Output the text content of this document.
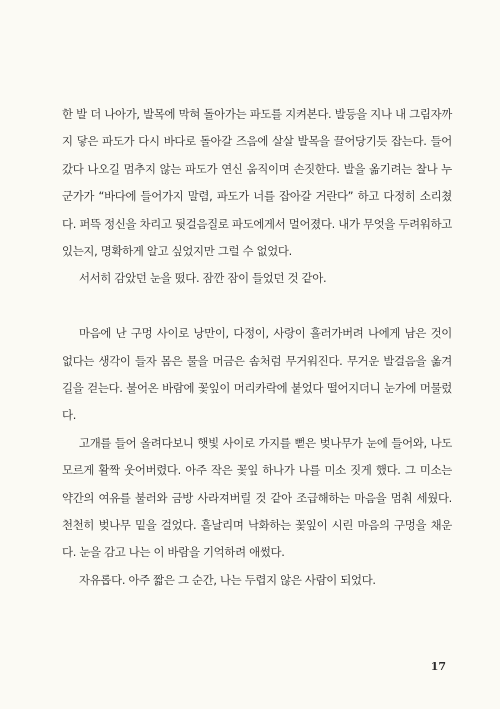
한 발 더 나아가, 발목에 막혀 돌아가는 파도를 지켜본다. 발등을 지나 내 그림자까지 닿은 파도가 다시 바다로 돌아갈 즈음에 살살 발목을 끌어당기듯 잡는다. 들어갔다 나오길 멈추지 않는 파도가 연신 움직이며 손짓한다. 발을 옮기려는 찰나 누군가가 “바다에 들어가지 말렴, 파도가 너를 잡아갈 거란다” 하고 다정히 소리쳤다. 퍼뜩 정신을 차리고 뒷걸음질로 파도에게서 멀어졌다. 내가 무엇을 두려워하고 있는지, 명확하게 알고 싶었지만 그럴 수 없었다.

서서히 감았던 눈을 떴다. 잠깐 잠이 들었던 것 같아.

마음에 난 구멍 사이로 낭만이, 다정이, 사랑이 흘러가버려 나에게 남은 것이 없다는 생각이 들자 몸은 물을 머금은 솜처럼 무거워진다. 무거운 발걸음을 옮겨 길을 걷는다. 불어온 바람에 꽃잎이 머리카락에 붙었다 떨어지더니 눈가에 머물렀다.

고개를 들어 올려다보니 햇빛 사이로 가지를 뻗은 벚나무가 눈에 들어와, 나도 모르게 활짝 웃어버렸다. 아주 작은 꽃잎 하나가 나를 미소 짓게 했다. 그 미소는 약간의 여유를 불러와 금방 사라져버릴 것 같아 조급해하는 마음을 멈춰 세웠다. 천천히 벚나무 밑을 걸었다. 흩날리며 낙화하는 꽃잎이 시린 마음의 구멍을 채운다. 눈을 감고 나는 이 바람을 기억하려 애썼다.

자유롭다. 아주 짧은 그 순간, 나는 두렵지 않은 사람이 되었다.

17
